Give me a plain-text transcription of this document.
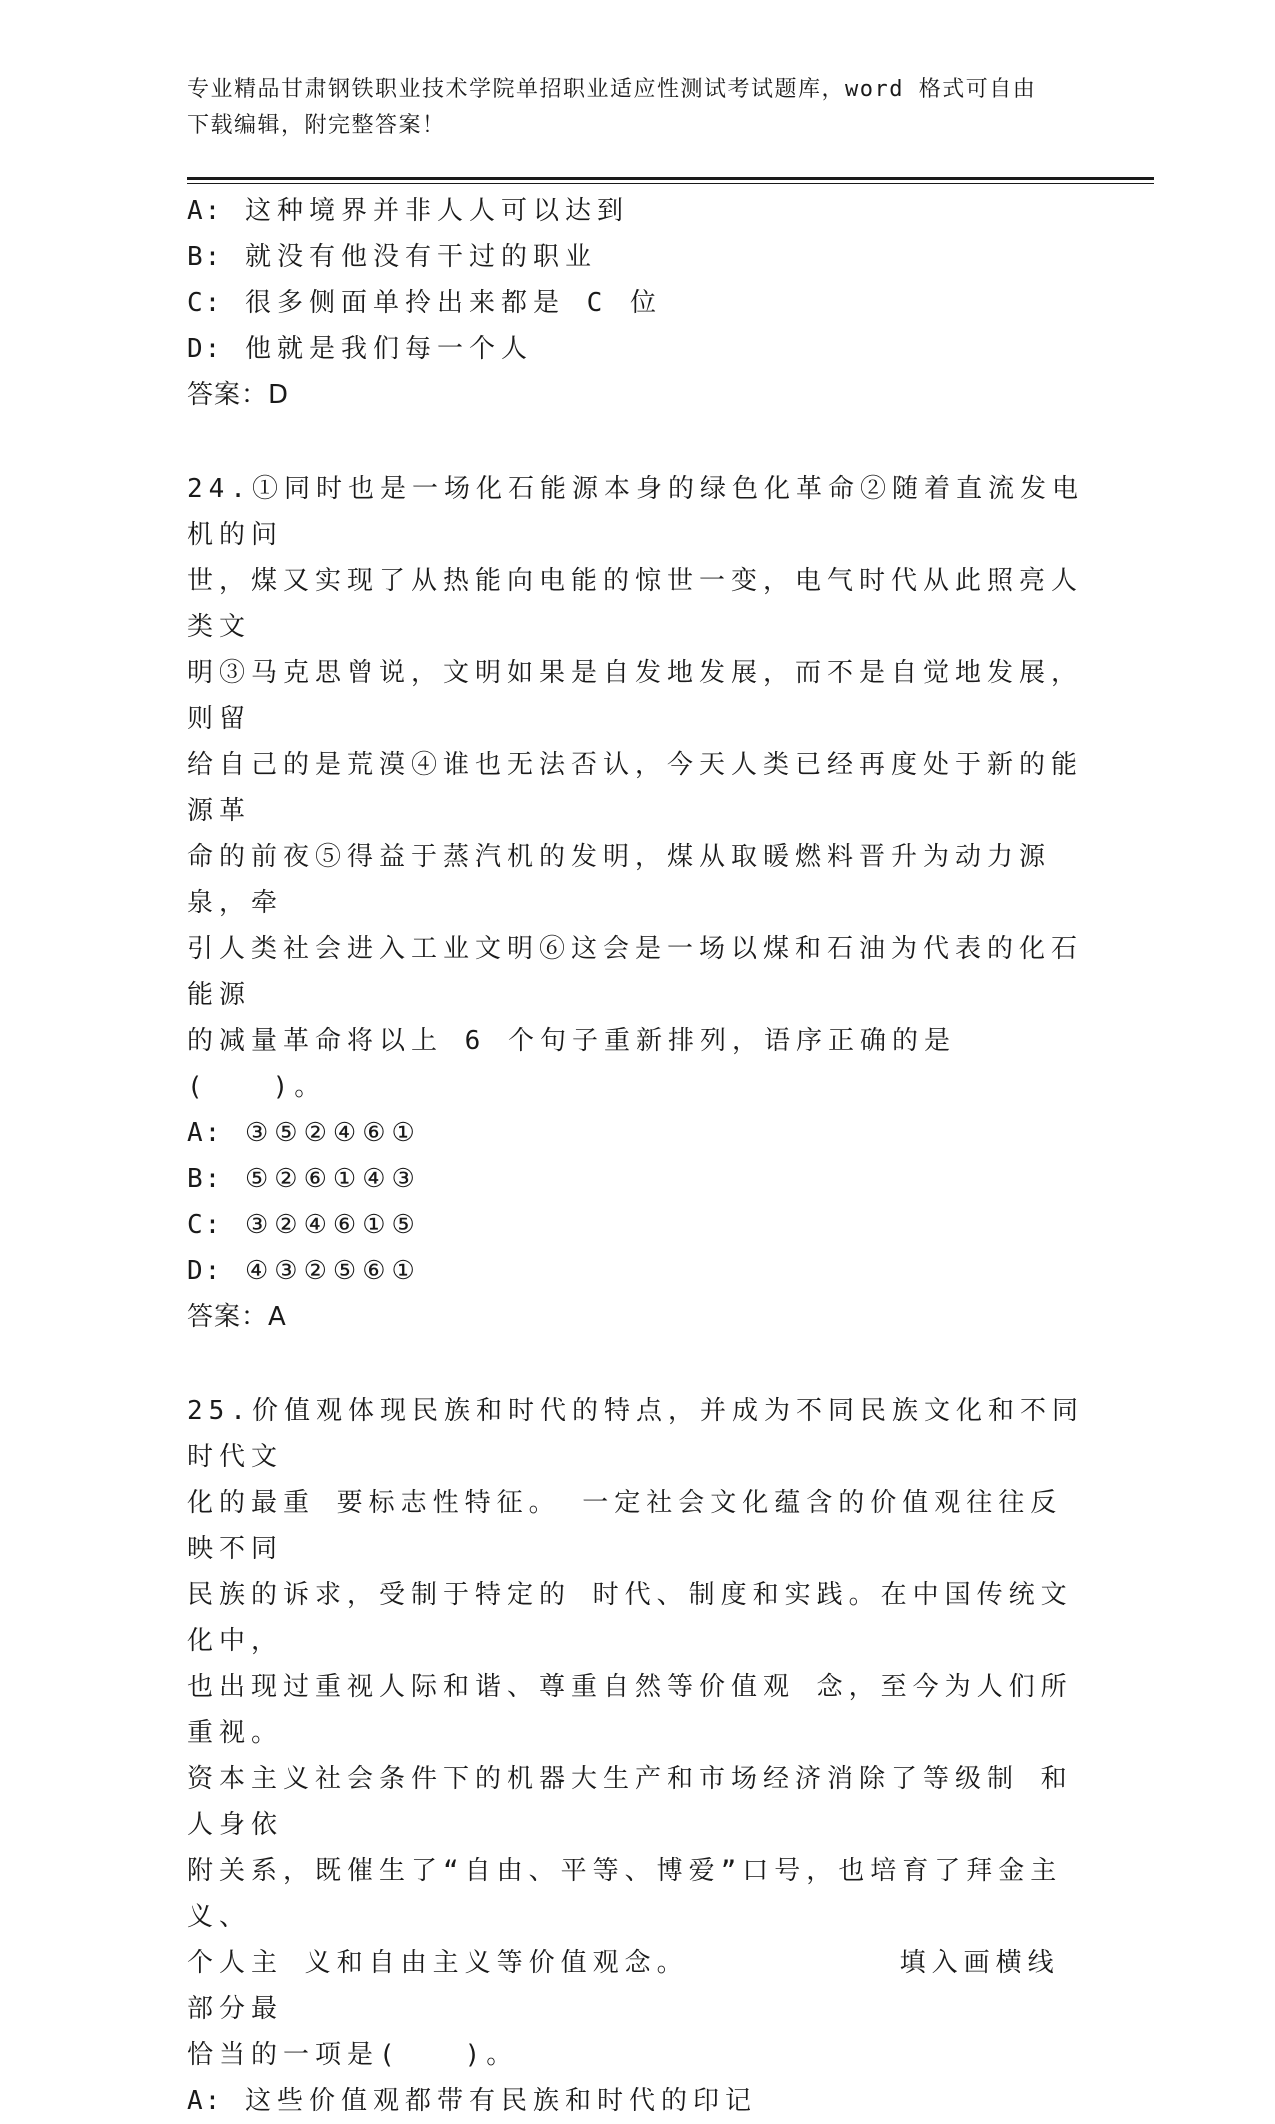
专业精品甘肃钢铁职业技术学院单招职业适应性测试考试题库，word 格式可自由
下载编辑，附完整答案！
A: 这种境界并非人人可以达到
B: 就没有他没有干过的职业
C: 很多侧面单拎出来都是 C 位
D: 他就是我们每一个人
答案：D
24.①同时也是一场化石能源本身的绿色化革命②随着直流发电机的问
世，煤又实现了从热能向电能的惊世一变，电气时代从此照亮人类文
明③马克思曾说，文明如果是自发地发展，而不是自觉地发展，则留
给自己的是荒漠④谁也无法否认，今天人类已经再度处于新的能源革
命的前夜⑤得益于蒸汽机的发明，煤从取暖燃料晋升为动力源泉，牵
引人类社会进入工业文明⑥这会是一场以煤和石油为代表的化石能源
的减量革命将以上 6 个句子重新排列，语序正确的是(　　)。
A: ③⑤②④⑥①
B: ⑤②⑥①④③
C: ③②④⑥①⑤
D: ④③②⑤⑥①
答案：A
25.价值观体现民族和时代的特点，并成为不同民族文化和不同时代文
化的最重 要标志性特征。 一定社会文化蕴含的价值观往往反映不同
民族的诉求，受制于特定的 时代、制度和实践。在中国传统文化中，
也出现过重视人际和谐、尊重自然等价值观 念，至今为人们所重视。
资本主义社会条件下的机器大生产和市场经济消除了等级制 和人身依
附关系，既催生了“自由、平等、博爱”口号，也培育了拜金主义、
个人主 义和自由主义等价值观念。　　　　　　　填入画横线部分最
恰当的一项是(　　)。
A: 这些价值观都带有民族和时代的印记
